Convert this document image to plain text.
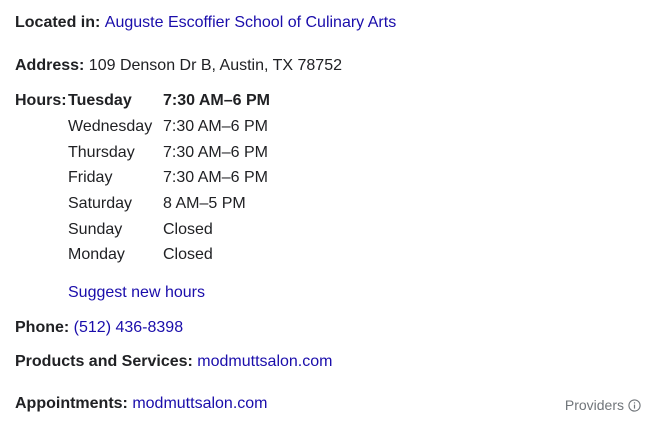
Located in: Auguste Escoffier School of Culinary Arts
Address: 109 Denson Dr B, Austin, TX 78752
Hours: Tuesday 7:30 AM–6 PM
Wednesday 7:30 AM–6 PM
Thursday 7:30 AM–6 PM
Friday	7:30 AM–6 PM
Saturday 8 AM–5 PM
Sunday	Closed
Monday Closed
Suggest new hours
Phone: (512) 436-8398
Products and Services: modmuttsalon.com
Appointments: modmuttsalon.com	Providers
